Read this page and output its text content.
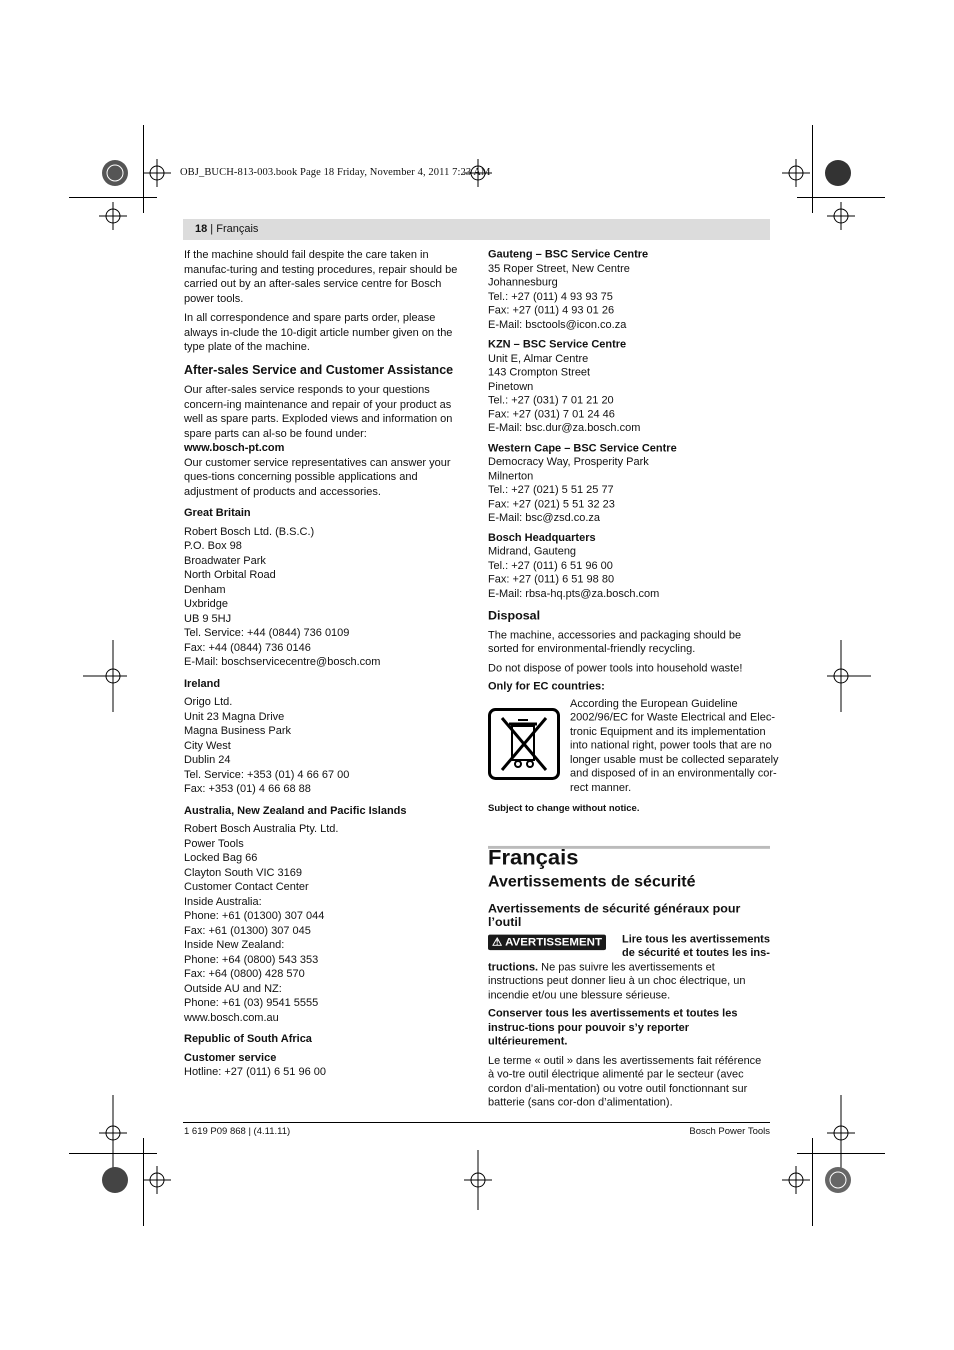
OBJ_BUCH-813-003.book Page 18 Friday, November 4, 2011 7:23 AM
18 | Français

If the machine should fail despite the care taken in manufac-turing and testing procedures, repair should be carried out by an after-sales service centre for Bosch power tools.

In all correspondence and spare parts order, please always in-clude the 10-digit article number given on the type plate of the machine.

After-sales Service and Customer Assistance

Our after-sales service responds to your questions concern-ing maintenance and repair of your product as well as spare parts. Exploded views and information on spare parts can al-so be found under:

www.bosch-pt.com

Our customer service representatives can answer your ques-tions concerning possible applications and adjustment of products and accessories.

Great Britain
Robert Bosch Ltd. (B.S.C.)
P.O. Box 98
Broadwater Park
North Orbital Road
Denham
Uxbridge
UB 9 5HJ
Tel. Service: +44 (0844) 736 0109
Fax: +44 (0844) 736 0146
E-Mail: boschservicecentre@bosch.com
Ireland
Origo Ltd.
Unit 23 Magna Drive
Magna Business Park
City West
Dublin 24
Tel. Service: +353 (01) 4 66 67 00
Fax: +353 (01) 4 66 68 88
Australia, New Zealand and Pacific Islands
Robert Bosch Australia Pty. Ltd.
Power Tools
Locked Bag 66
Clayton South VIC 3169
Customer Contact Center
Inside Australia:
Phone: +61 (01300) 307 044
Fax: +61 (01300) 307 045
Inside New Zealand:
Phone: +64 (0800) 543 353
Fax: +64 (0800) 428 570
Outside AU and NZ:
Phone: +61 (03) 9541 5555
www.bosch.com.au
Republic of South Africa
Customer service
Hotline: +27 (011) 6 51 96 00
Gauteng – BSC Service Centre
35 Roper Street, New Centre
Johannesburg
Tel.: +27 (011) 4 93 93 75
Fax: +27 (011) 4 93 01 26
E-Mail: bsctools@icon.co.za
KZN – BSC Service Centre
Unit E, Almar Centre
143 Crompton Street
Pinetown
Tel.: +27 (031) 7 01 21 20
Fax: +27 (031) 7 01 24 46
E-Mail: bsc.dur@za.bosch.com
Western Cape – BSC Service Centre
Democracy Way, Prosperity Park
Milnerton
Tel.: +27 (021) 5 51 25 77
Fax: +27 (021) 5 51 32 23
E-Mail: bsc@zsd.co.za
Bosch Headquarters
Midrand, Gauteng
Tel.: +27 (011) 6 51 96 00
Fax: +27 (011) 6 51 98 80
E-Mail: rbsa-hq.pts@za.bosch.com
Disposal

The machine, accessories and packaging should be sorted for environmental-friendly recycling.

Do not dispose of power tools into household waste!

Only for EC countries:
According the European Guideline
2002/96/EC for Waste Electrical and Elec-
tronic Equipment and its implementation
into national right, power tools that are no
longer usable must be collected separately
and disposed of in an environmentally cor-
rect manner.
Subject to change without notice.
Français
Avertissements de sécurité
Avertissements de sécurité généraux pour l’outil
⚠ AVERTISSEMENT	Lire tous les avertissements
de sécurité et toutes les ins-

tructions. Ne pas suivre les avertissements et instructions peut donner lieu à un choc électrique, un incendie et/ou une blessure sérieuse.

Conserver tous les avertissements et toutes les instruc-tions pour pouvoir s’y reporter ultérieurement.

Le terme « outil » dans les avertissements fait référence à vo-tre outil électrique alimenté par le secteur (avec cordon d’ali-mentation) ou votre outil fonctionnant sur batterie (sans cor-don d’alimentation).

1 619 P09 868 | (4.11.11)	Bosch Power Tools
